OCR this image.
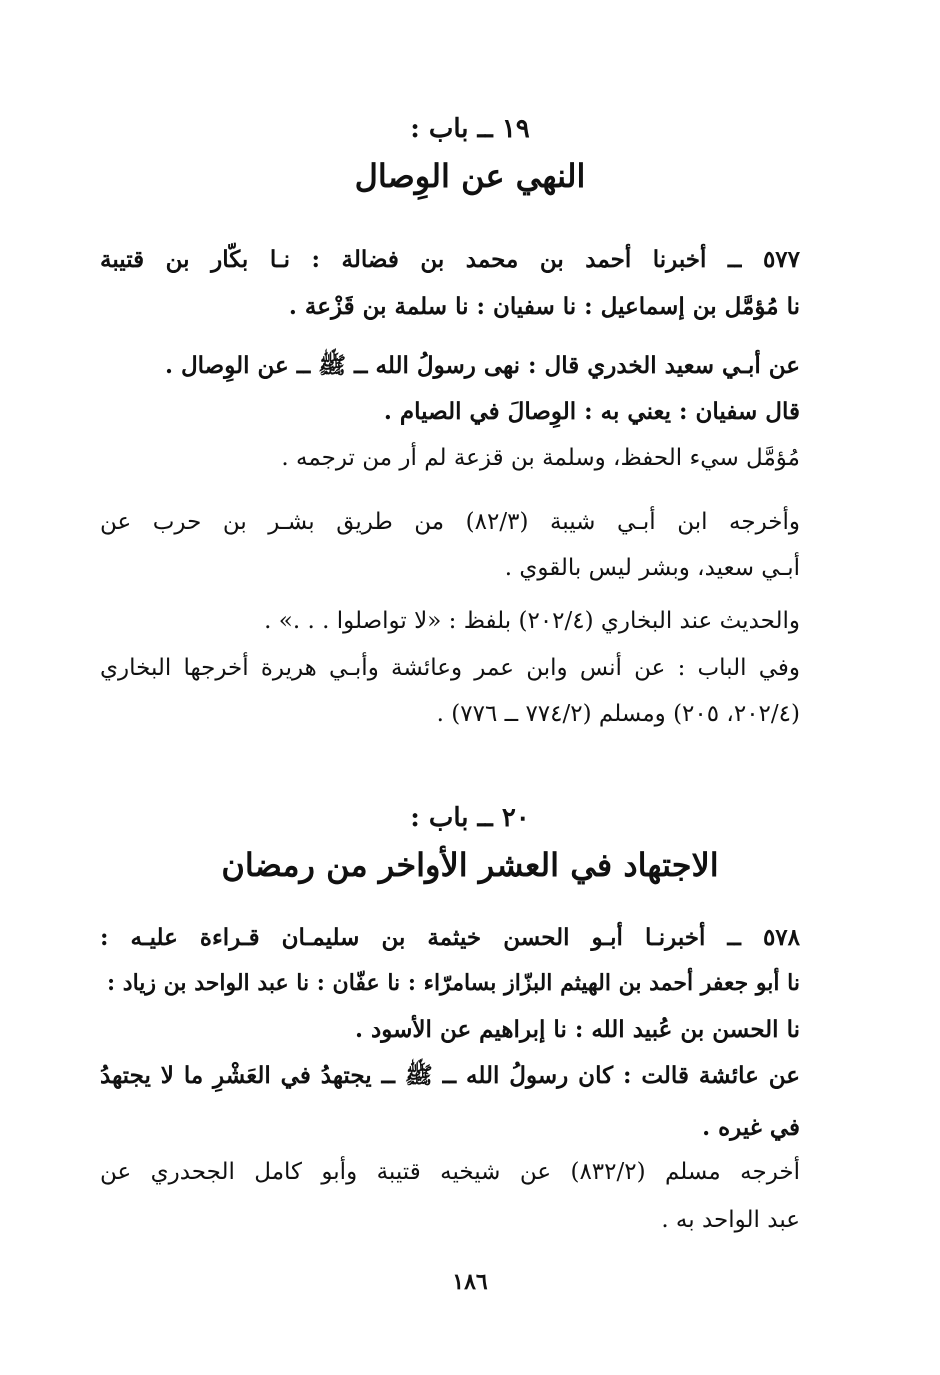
١٩ ــ باب :
النهي عن الوِصال
٥٧٧ ــ أخبرنا أحمد بن محمد بن فضالة : نـا بكّار بن قتيبة
نا مُؤمَّل بن إسماعيل : نا سفيان : نا سلمة بن قَزْعة .
عن أبـي سعيد الخدري قال : نهى رسولُ الله ــ ﷺ ــ عن الوِصال .
قال سفيان : يعني به : الوِصالَ في الصيام .
مُؤمَّل سيء الحفظ، وسلمة بن قزعة لم أر من ترجمه .
وأخرجه ابن أبـي شيبة (٨٢/٣) من طريق بشـر بن حرب عن
أبـي سعيد، وبشر ليس بالقوي .
والحديث عند البخاري (٢٠٢/٤) بلفظ : «لا تواصلوا . . .» .
وفي الباب : عن أنس وابن عمر وعائشة وأبـي هريرة أخرجها البخاري
(٢٠٢/٤، ٢٠٥) ومسلم (٧٧٤/٢ ــ ٧٧٦) .
٢٠ ــ باب :
الاجتهاد في العشر الأواخر من رمضان
٥٧٨ ــ أخبرنـا أبـو الحسن خيثمة بن سليمـان قـراءة عليـه :
نا أبو جعفر أحمد بن الهيثم البزّاز بسامرّاء : نا عفّان : نا عبد الواحد بن زياد :
نا الحسن بن عُبيد الله : نا إبراهيم عن الأسود .
عن عائشة قالت : كان رسولُ الله ــ ﷺ ــ يجتهدُ في العَشْرِ ما لا يجتهدُ
في غيره .
أخرجه مسلم (٨٣٢/٢) عن شيخيه قتيبة وأبو كامل الجحدري عن
عبد الواحد به .
١٨٦
